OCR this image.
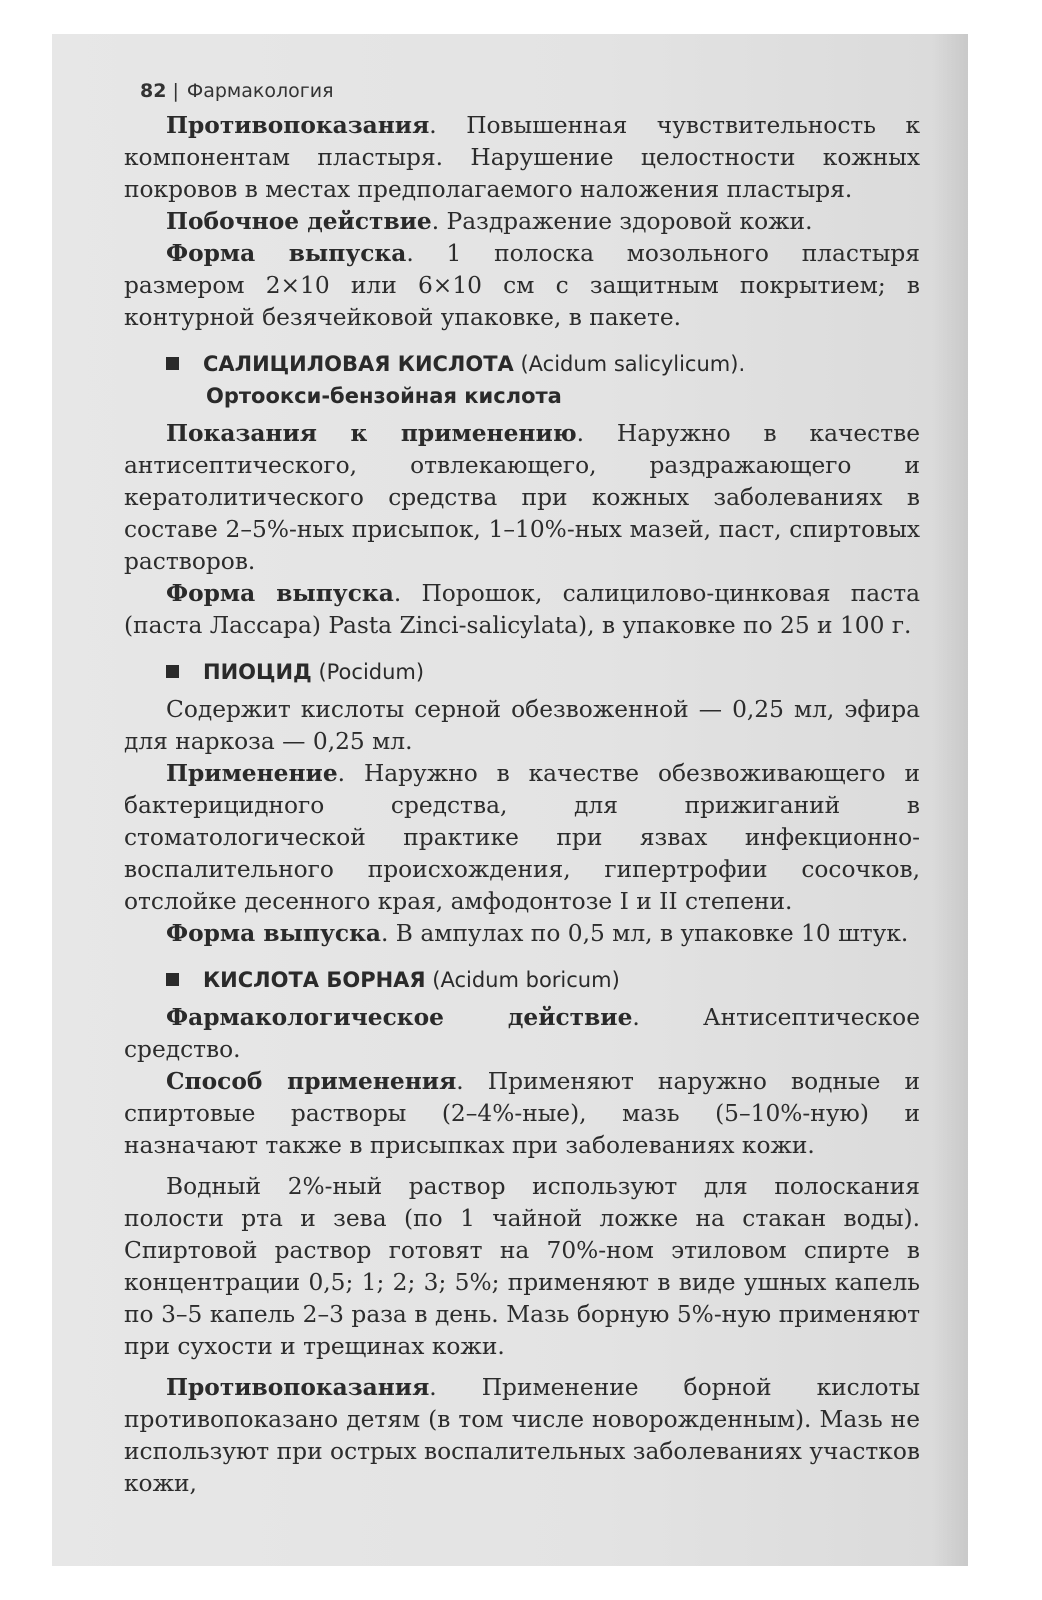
82 | Фармакология

Противопоказания. Повышенная чувствительность к компонентам пластыря. Нарушение целостности кожных покровов в местах предполагаемого наложения пластыря.

Побочное действие. Раздражение здоровой кожи.

Форма выпуска. 1 полоска мозольного пластыря размером 2×10 или 6×10 см с защитным покрытием; в контурной безячейковой упаковке, в пакете.

САЛИЦИЛОВАЯ КИСЛОТА (Acidum salicylicum).
Ортоокси-бензойная кислота

Показания к применению. Наружно в качестве антисептического, отвлекающего, раздражающего и кератолитического средства при кожных заболеваниях в составе 2–5%-ных присыпок, 1–10%-ных мазей, паст, спиртовых растворов.

Форма выпуска. Порошок, салицилово-цинковая паста (паста Лассара) Pasta Zinci-salicylata), в упаковке по 25 и 100 г.

ПИОЦИД (Pocidum)

Содержит кислоты серной обезвоженной — 0,25 мл, эфира для наркоза — 0,25 мл.

Применение. Наружно в качестве обезвоживающего и бактерицидного средства, для прижиганий в стоматологической практике при язвах инфекционно-воспалительного происхождения, гипертрофии сосочков, отслойке десенного края, амфодонтозе I и II степени.

Форма выпуска. В ампулах по 0,5 мл, в упаковке 10 штук.

КИСЛОТА БОРНАЯ (Acidum boricum)

Фармакологическое действие. Антисептическое средство.

Способ применения. Применяют наружно водные и спиртовые растворы (2–4%-ные), мазь (5–10%-ную) и назначают также в присыпках при заболеваниях кожи.

Водный 2%-ный раствор используют для полоскания полости рта и зева (по 1 чайной ложке на стакан воды). Спиртовой раствор готовят на 70%-ном этиловом спирте в концентрации 0,5; 1; 2; 3; 5%; применяют в виде ушных капель по 3–5 капель 2–3 раза в день. Мазь борную 5%-ную применяют при сухости и трещинах кожи.

Противопоказания. Применение борной кислоты противопоказано детям (в том числе новорожденным). Мазь не используют при острых воспалительных заболеваниях участков кожи,
